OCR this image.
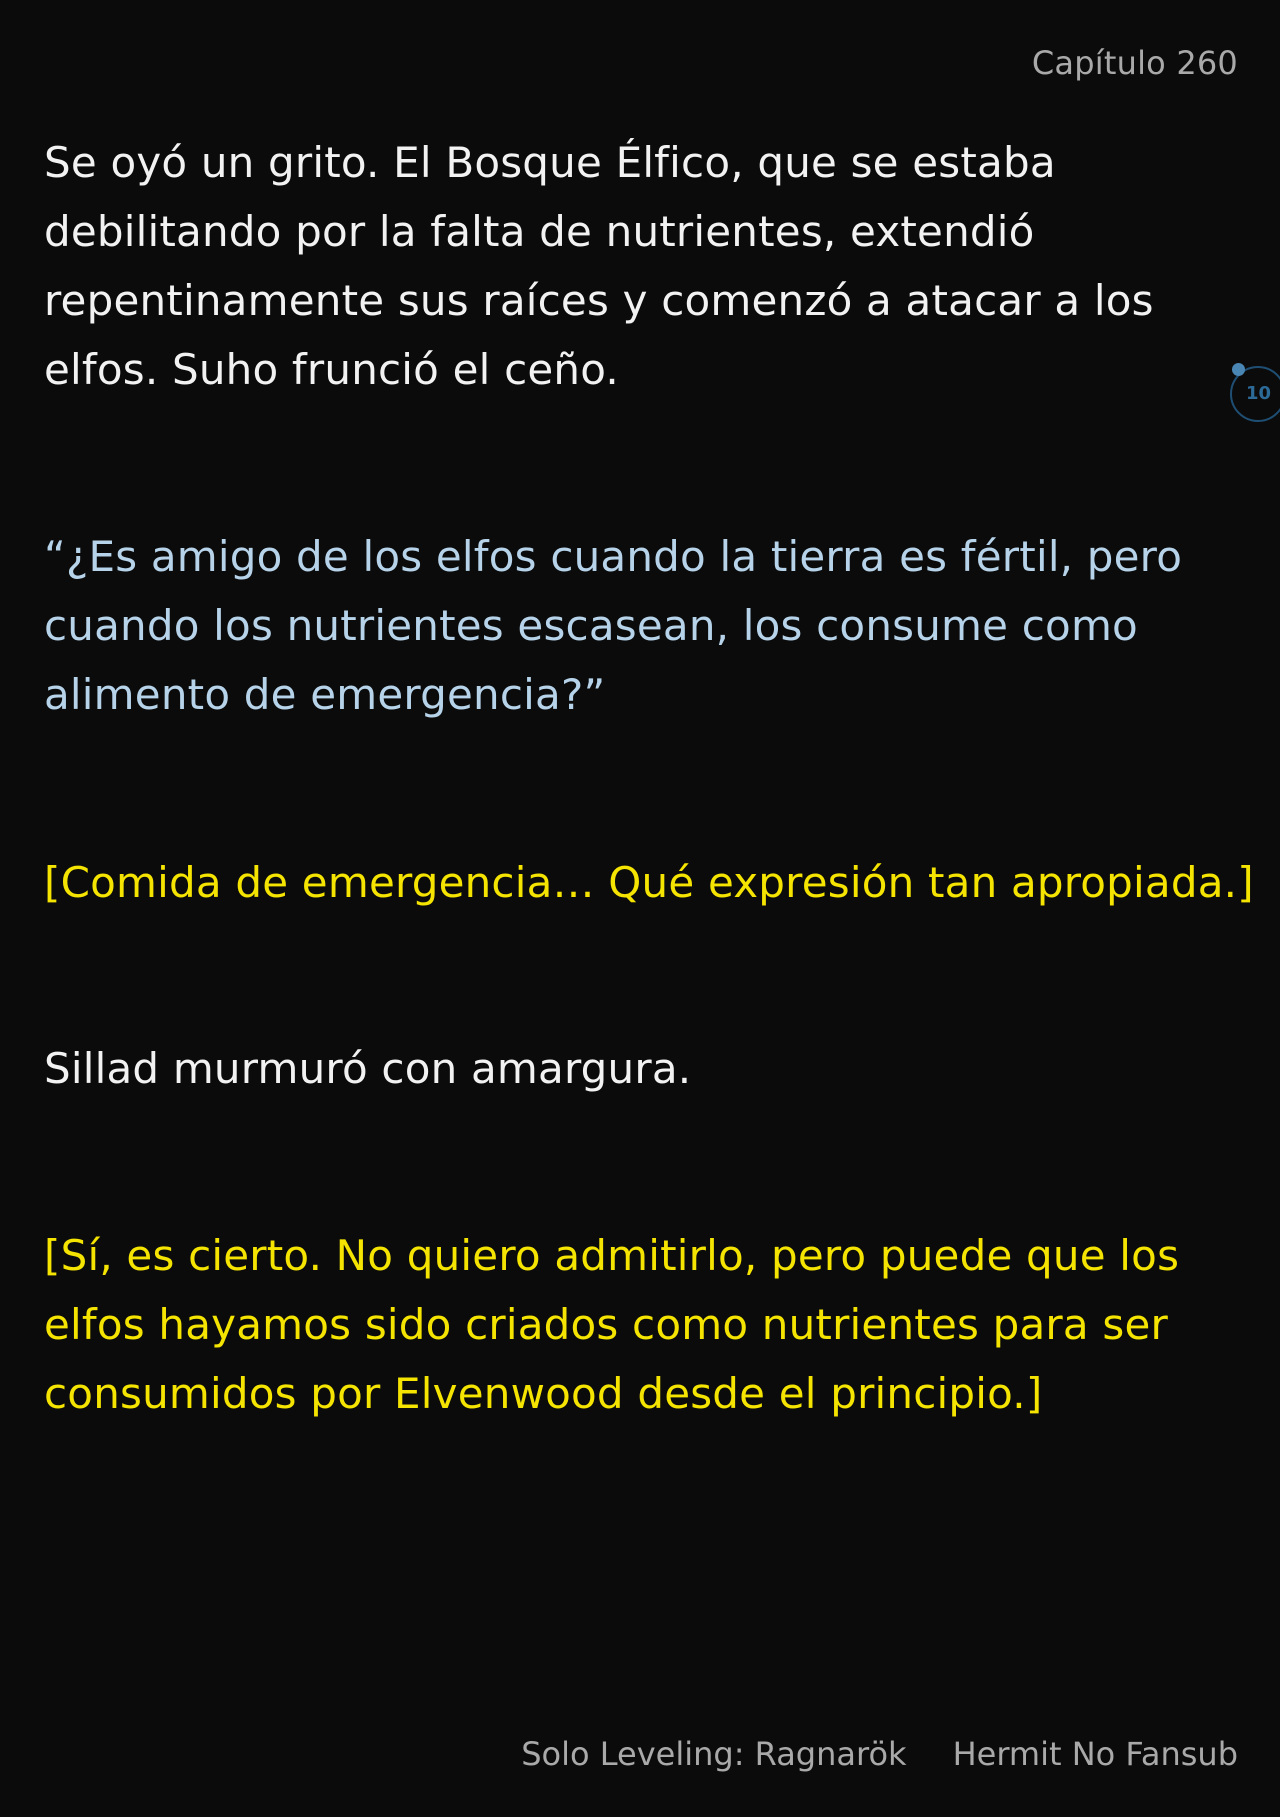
Capítulo 260

Se oyó un grito. El Bosque Élfico, que se estaba debilitando por la falta de nutrientes, extendió repentinamente sus raíces y comenzó a atacar a los elfos. Suho frunció el ceño.

“¿Es amigo de los elfos cuando la tierra es fértil, pero cuando los nutrientes escasean, los consume como alimento de emergencia?”

[Comida de emergencia… Qué expresión tan apropiada.]

Sillad murmuró con amargura.

[Sí, es cierto. No quiero admitirlo, pero puede que los elfos hayamos sido criados como nutrientes para ser consumidos por Elvenwood desde el principio.]

10
Solo Leveling: Ragnarök Hermit No Fansub
